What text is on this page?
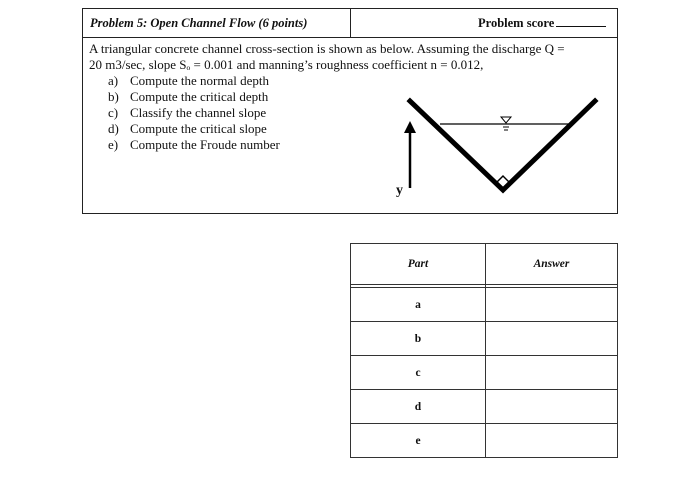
Problem 5: Open Channel Flow (6 points)	Problem score
A triangular concrete channel cross-section is shown as below. Assuming the discharge Q =
20 m3/sec, slope Sₒ = 0.001 and manning’s roughness coefficient n = 0.012,
a) Compute the normal depth
b) Compute the critical depth
c) Classify the channel slope
d) Compute the critical slope
e) Compute the Froude number
y
Part	Answer

a	
b	
c	
d	
e	
